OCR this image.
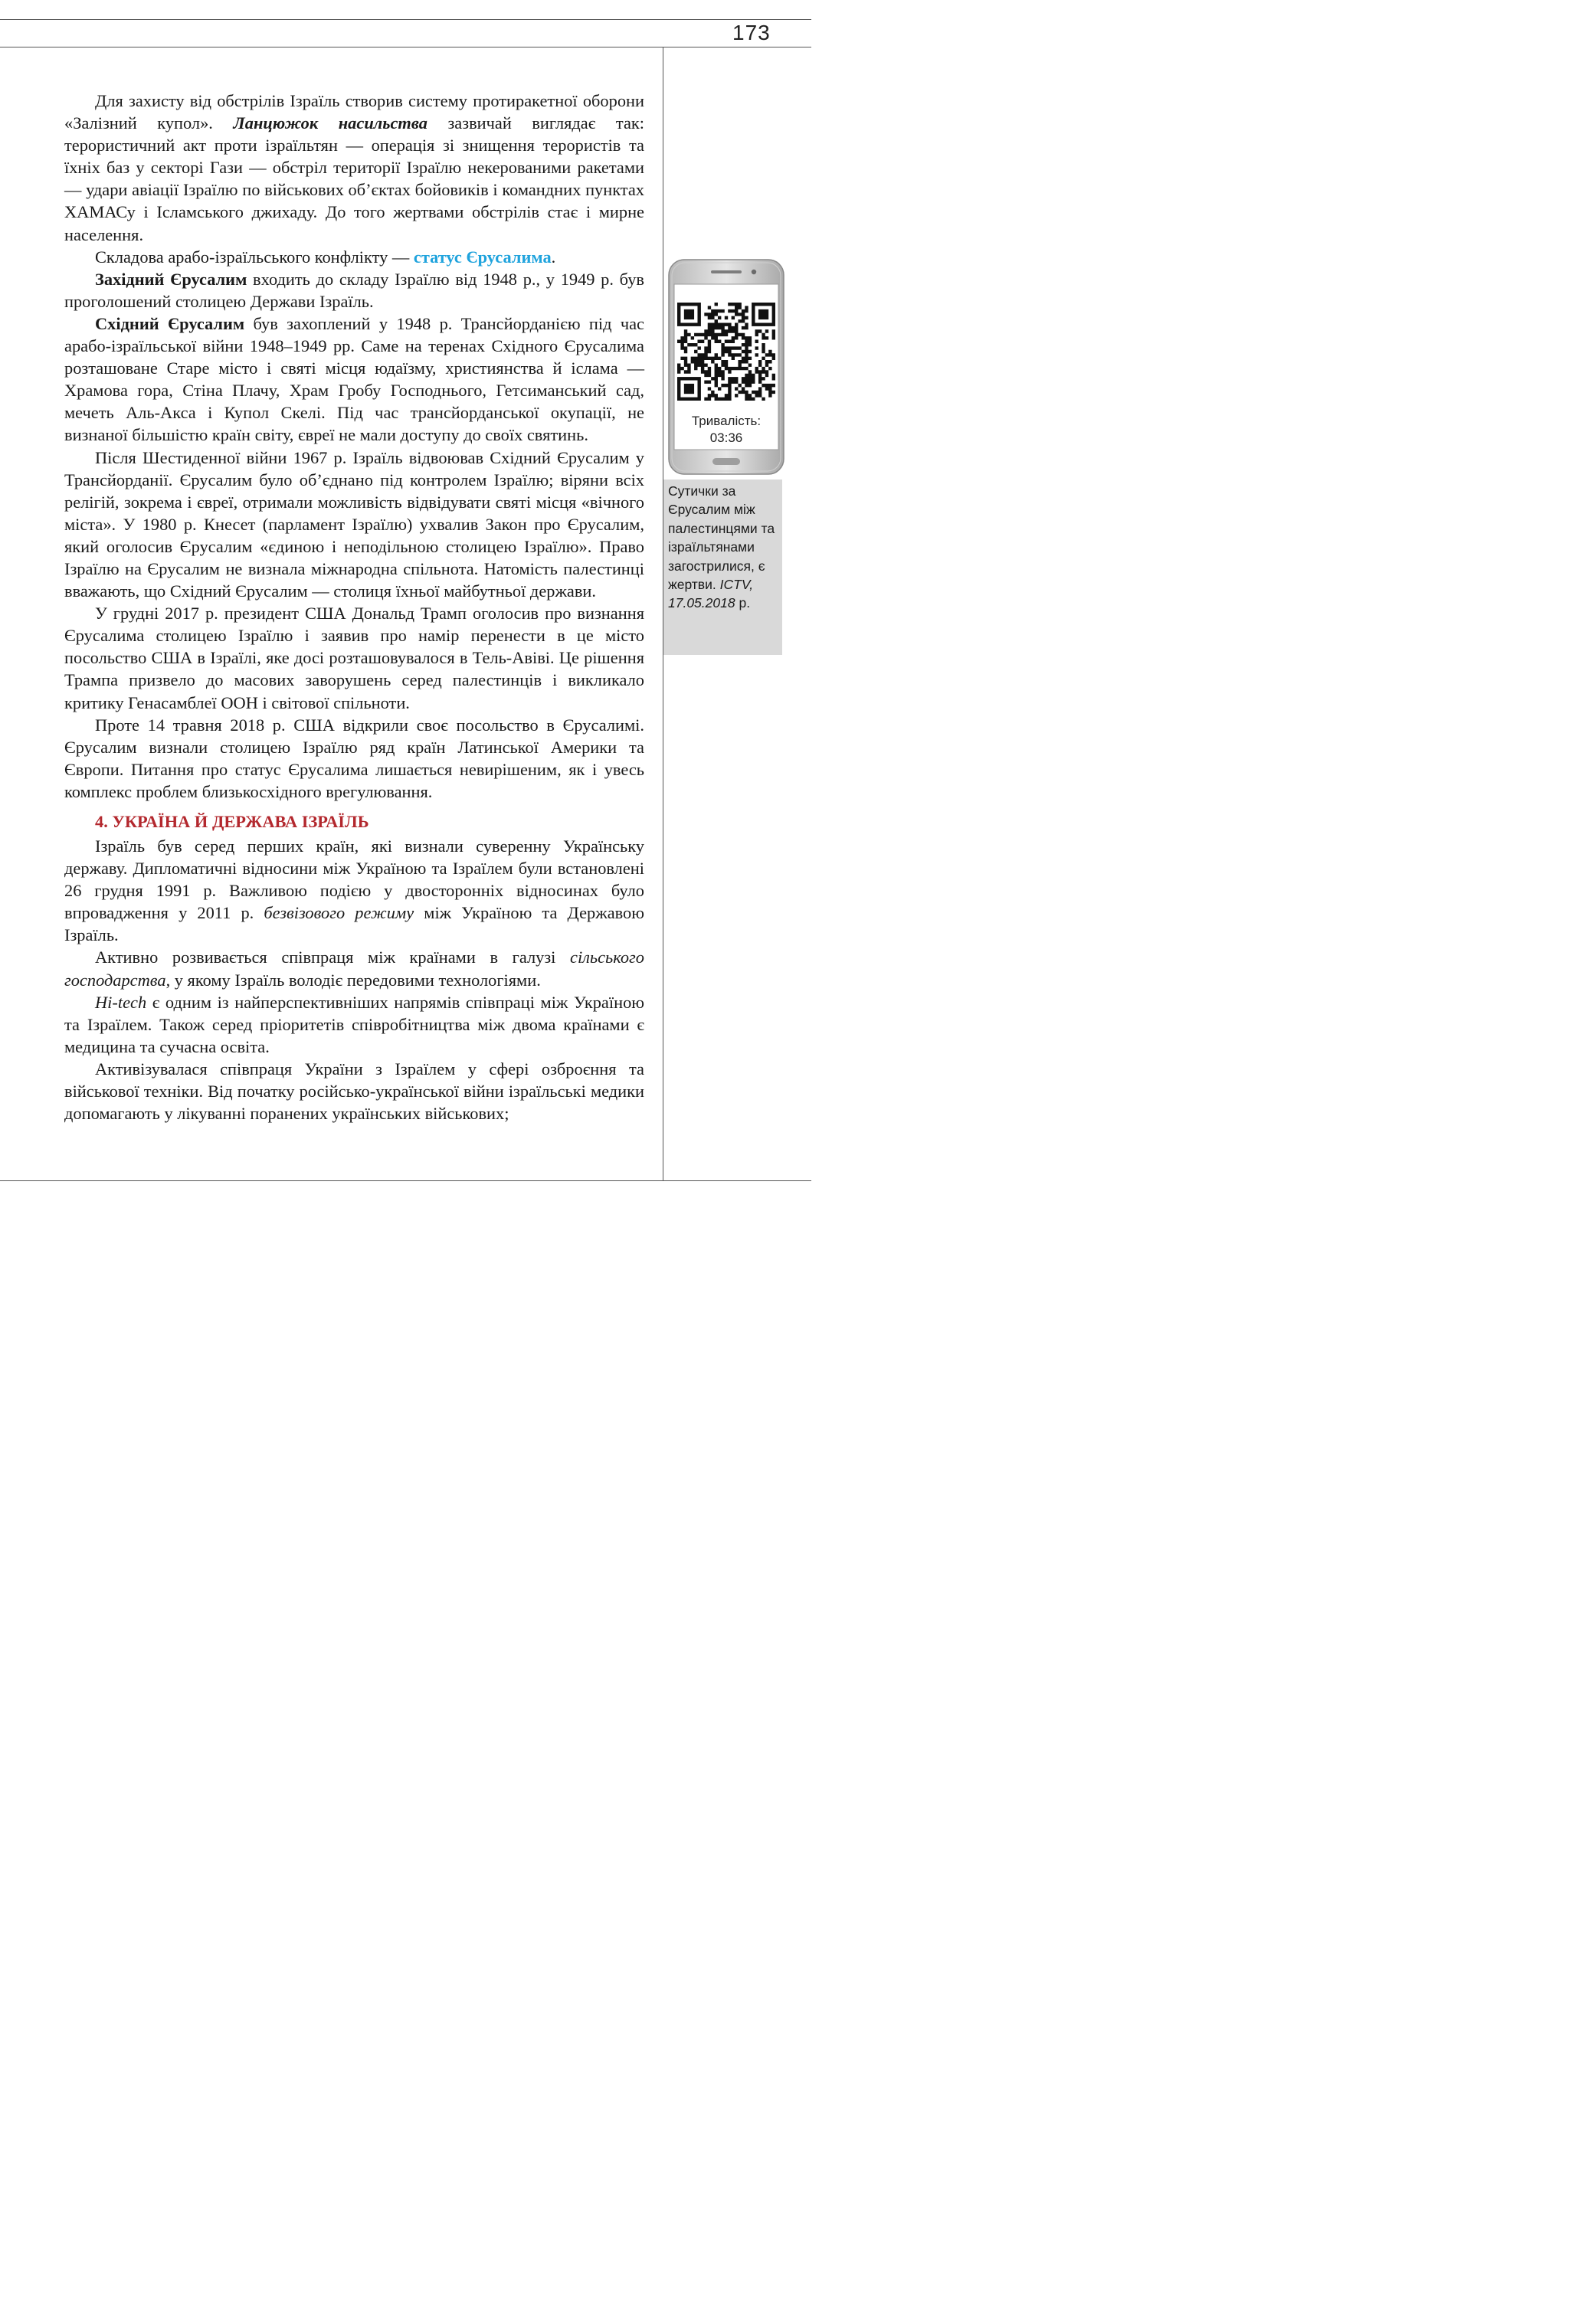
173

Для захисту від обстрілів Ізраїль створив систему протиракетної оборони «Залізний купол». Ланцюжок насильства зазвичай виглядає так: терористичний акт проти ізраїльтян — операція зі знищення терористів та їхніх баз у секторі Гази — обстріл території Ізраїлю некерованими ракетами — удари авіації Ізраїлю по військових об’єктах бойовиків і командних пунктах ХАМАСу і Ісламського джихаду. До того жертвами обстрілів стає і мирне населення.

Складова арабо-ізраїльського конфлікту — статус Єрусалима.

Західний Єрусалим входить до складу Ізраїлю від 1948 р., у 1949 р. був проголошений столицею Держави Ізраїль.

Східний Єрусалим був захоплений у 1948 р. Трансйорданією під час арабо-ізраїльської війни 1948–1949 рр. Саме на теренах Східного Єрусалима розташоване Старе місто і святі місця юдаїзму, християнства й ісламa — Храмова гора, Стіна Плачу, Храм Гробу Господнього, Гетсиманський сад, мечеть Аль-Акса і Купол Скелі. Під час трансйорданської окупації, не визнаної більшістю країн світу, євреї не мали доступу до своїх святинь.

Після Шестиденної війни 1967 р. Ізраїль відвоював Східний Єрусалим у Трансйорданії. Єрусалим було об’єднано під контролем Ізраїлю; віряни всіх релігій, зокрема і євреї, отримали можливість відвідувати святі місця «вічного міста». У 1980 р. Кнесет (парламент Ізраїлю) ухвалив Закон про Єрусалим, який оголосив Єрусалим «єдиною і неподільною столицею Ізраїлю». Право Ізраїлю на Єрусалим не визнала міжнародна спільнота. Натомість палестинці вважають, що Східний Єрусалим — столиця їхньої майбутньої держави.

У грудні 2017 р. президент США Дональд Трамп оголосив про визнання Єрусалима столицею Ізраїлю і заявив про намір перенести в це місто посольство США в Ізраїлі, яке досі розташовувалося в Тель-Авіві. Це рішення Трампа призвело до масових заворушень серед палестинців і викликало критику Генасамблеї ООН і світової спільноти.

Проте 14 травня 2018 р. США відкрили своє посольство в Єрусалимі. Єрусалим визнали столицею Ізраїлю ряд країн Латинської Америки та Європи. Питання про статус Єрусалима лишається невирішеним, як і увесь комплекс проблем близькосхідного врегулювання.

4. УКРАЇНА Й ДЕРЖАВА ІЗРАЇЛЬ

Ізраїль був серед перших країн, які визнали суверенну Українську державу. Дипломатичні відносини між Україною та Ізраїлем були встановлені 26 грудня 1991 р. Важливою подією у двосторонніх відносинах було впровадження у 2011 р. безвізового режиму між Україною та Державою Ізраїль.

Активно розвивається співпраця між країнами в галузі сільського господарства, у якому Ізраїль володіє передовими технологіями.

Hi-tech є одним із найперспективніших напрямів співпраці між Україною та Ізраїлем. Також серед пріоритетів співробітництва між двома країнами є медицина та сучасна освіта.

Активізувалася співпраця України з Ізраїлем у сфері озброєння та військової техніки. Від початку російсько-української війни ізраїльські медики допомагають у лікуванні поранених українських військових;

Тривалість:
03:36
Сутички за Єрусалим між палестинцями та ізраїльтянами загострилися, є жертви. ICTV, 17.05.2018 р.
